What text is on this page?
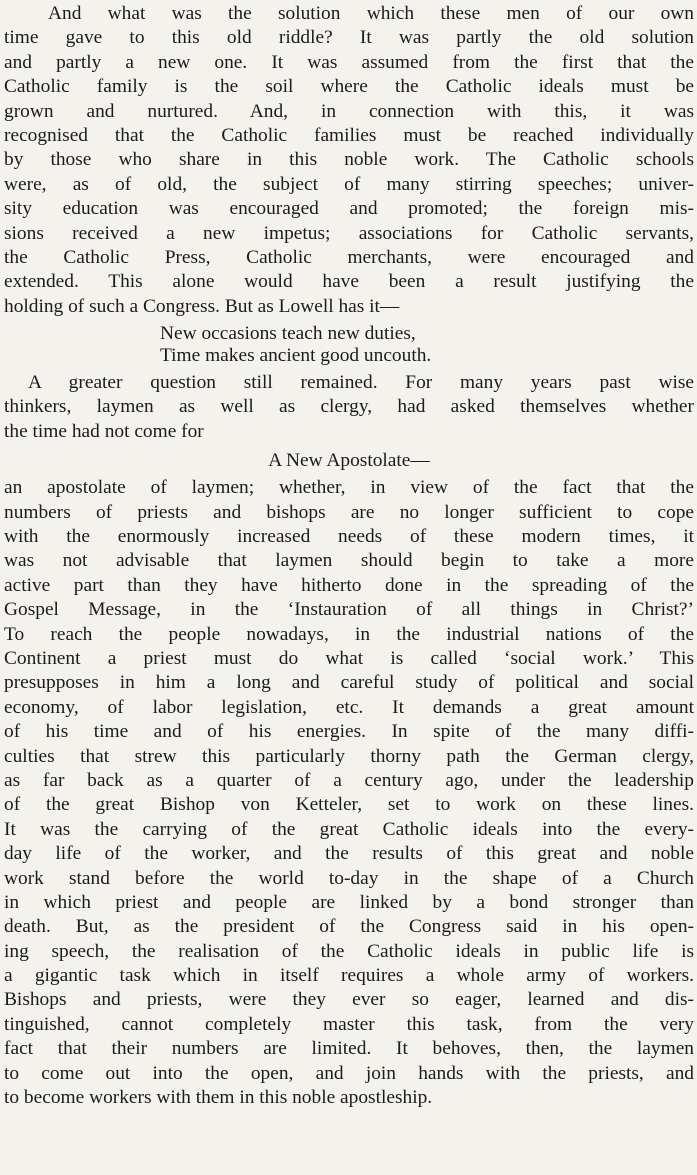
And what was the solution which these men of our own
time gave to this old riddle? It was partly the old solution
and partly a new one. It was assumed from the first that the
Catholic family is the soil where the Catholic ideals must be
grown and nurtured. And, in connection with this, it was
recognised that the Catholic families must be reached individually
by those who share in this noble work. The Catholic schools
were, as of old, the subject of many stirring speeches; univer-
sity education was encouraged and promoted; the foreign mis-
sions received a new impetus; associations for Catholic servants,
the Catholic Press, Catholic merchants, were encouraged and
extended. This alone would have been a result justifying the
holding of such a Congress. But as Lowell has it—
New occasions teach new duties,
Time makes ancient good uncouth.
A greater question still remained. For many years past wise
thinkers, laymen as well as clergy, had asked themselves whether
the time had not come for
A New Apostolate—
an apostolate of laymen; whether, in view of the fact that the
numbers of priests and bishops are no longer sufficient to cope
with the enormously increased needs of these modern times, it
was not advisable that laymen should begin to take a more
active part than they have hitherto done in the spreading of the
Gospel Message, in the ‘Instauration of all things in Christ?’
To reach the people nowadays, in the industrial nations of the
Continent a priest must do what is called ‘social work.’ This
presupposes in him a long and careful study of political and social
economy, of labor legislation, etc. It demands a great amount
of his time and of his energies. In spite of the many diffi-
culties that strew this particularly thorny path the German clergy,
as far back as a quarter of a century ago, under the leadership
of the great Bishop von Ketteler, set to work on these lines.
It was the carrying of the great Catholic ideals into the every-
day life of the worker, and the results of this great and noble
work stand before the world to-day in the shape of a Church
in which priest and people are linked by a bond stronger than
death. But, as the president of the Congress said in his open-
ing speech, the realisation of the Catholic ideals in public life is
a gigantic task which in itself requires a whole army of workers.
Bishops and priests, were they ever so eager, learned and dis-
tinguished, cannot completely master this task, from the very
fact that their numbers are limited. It behoves, then, the laymen
to come out into the open, and join hands with the priests, and
to become workers with them in this noble apostleship.
